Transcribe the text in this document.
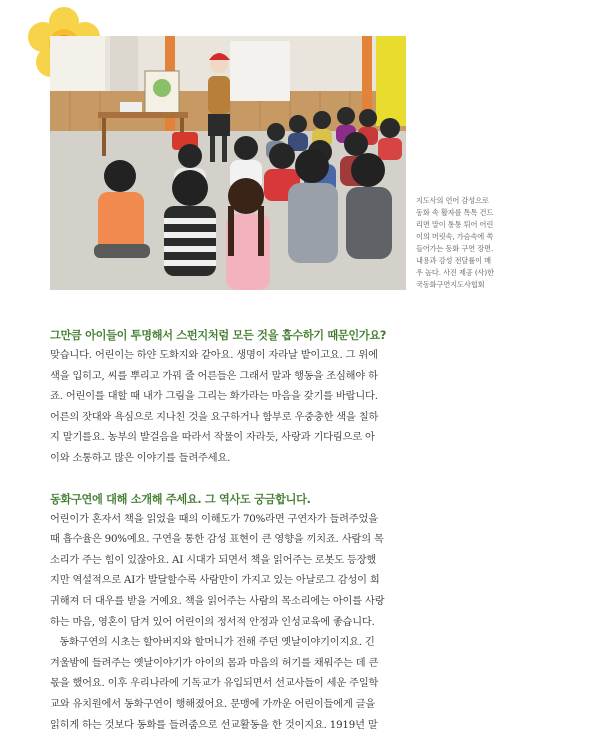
지도사의 언어 감성으로
동화 속 활자를 톡톡 건드
리면 말이 통통 튀어 어린
이의 머릿속, 가슴속에 쏙
들어가는 동화 구연 장면.
내용과 감성 전달률이 매
우 높다. 사진 제공 (사)한
국동화구연지도사협회
그만큼 아이들이 투명해서 스펀지처럼 모든 것을 흡수하기 때문인가요?

맞습니다. 어린이는 하얀 도화지와 같아요. 생명이 자라날 밭이고요. 그 위에
색을 입히고, 씨를 뿌리고 가꿔 줄 어른들은 그래서 말과 행동을 조심해야 하
죠. 어린이를 대할 때 내가 그림을 그리는 화가라는 마음을 갖기를 바랍니다.
어른의 잣대와 욕심으로 지나친 것을 요구하거나 함부로 우중충한 색을 칠하
지 말기를요. 농부의 발걸음을 따라서 작물이 자라듯, 사랑과 기다림으로 아
이와 소통하고 많은 이야기를 들려주세요.

동화구연에 대해 소개해 주세요. 그 역사도 궁금합니다.

어린이가 혼자서 책을 읽었을 때의 이해도가 70%라면 구연자가 들려주었을
때 흡수율은 90%예요. 구연을 통한 감성 표현이 큰 영향을 끼치죠. 사람의 목
소리가 주는 힘이 있잖아요. AI 시대가 되면서 책을 읽어주는 로봇도 등장했
지만 역설적으로 AI가 발달할수록 사람만이 가지고 있는 아날로그 감성이 희
귀해져 더 대우를 받을 거예요. 책을 읽어주는 사람의 목소리에는 아이를 사랑
하는 마음, 영혼이 담겨 있어 어린이의 정서적 안정과 인성교육에 좋습니다.
동화구연의 시초는 할아버지와 할머니가 전해 주던 옛날이야기이지요. 긴
겨울밤에 들려주는 옛날이야기가 아이의 몸과 마음의 허기를 채워주는 데 큰
몫을 했어요. 이후 우리나라에 기독교가 유입되면서 선교사들이 세운 주일학
교와 유치원에서 동화구연이 행해졌어요. 문맹에 가까운 어린이들에게 글을
읽히게 하는 것보다 동화를 들려줌으로 선교활동을 한 것이지요. 1919년 말
